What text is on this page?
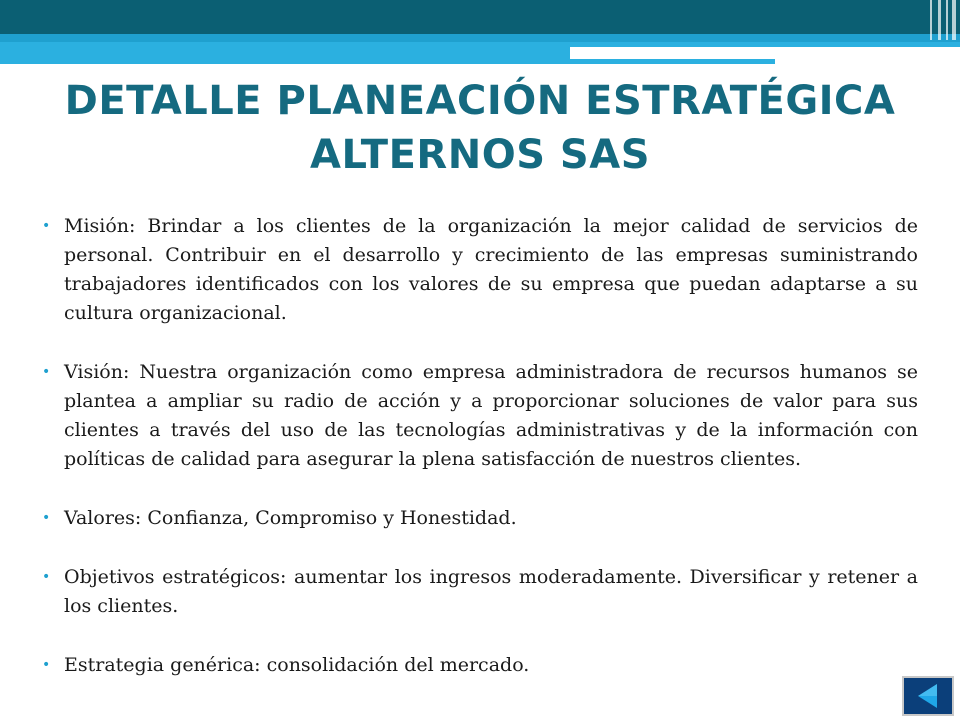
DETALLE PLANEACIÓN ESTRATÉGICA ALTERNOS SAS
• Misión: Brindar a los clientes de la organización la mejor calidad de servicios de personal. Contribuir en el desarrollo y crecimiento de las empresas suministrando trabajadores identificados con los valores de su empresa que puedan adaptarse a su cultura organizacional.
• Visión: Nuestra organización como empresa administradora de recursos humanos se plantea a ampliar su radio de acción y a proporcionar soluciones de valor para sus clientes a través del uso de las tecnologías administrativas y de la información con políticas de calidad para asegurar la plena satisfacción de nuestros clientes.
• Valores: Confianza, Compromiso y Honestidad.
• Objetivos estratégicos: aumentar los ingresos moderadamente. Diversificar y retener a los clientes.
• Estrategia genérica: consolidación del mercado.
